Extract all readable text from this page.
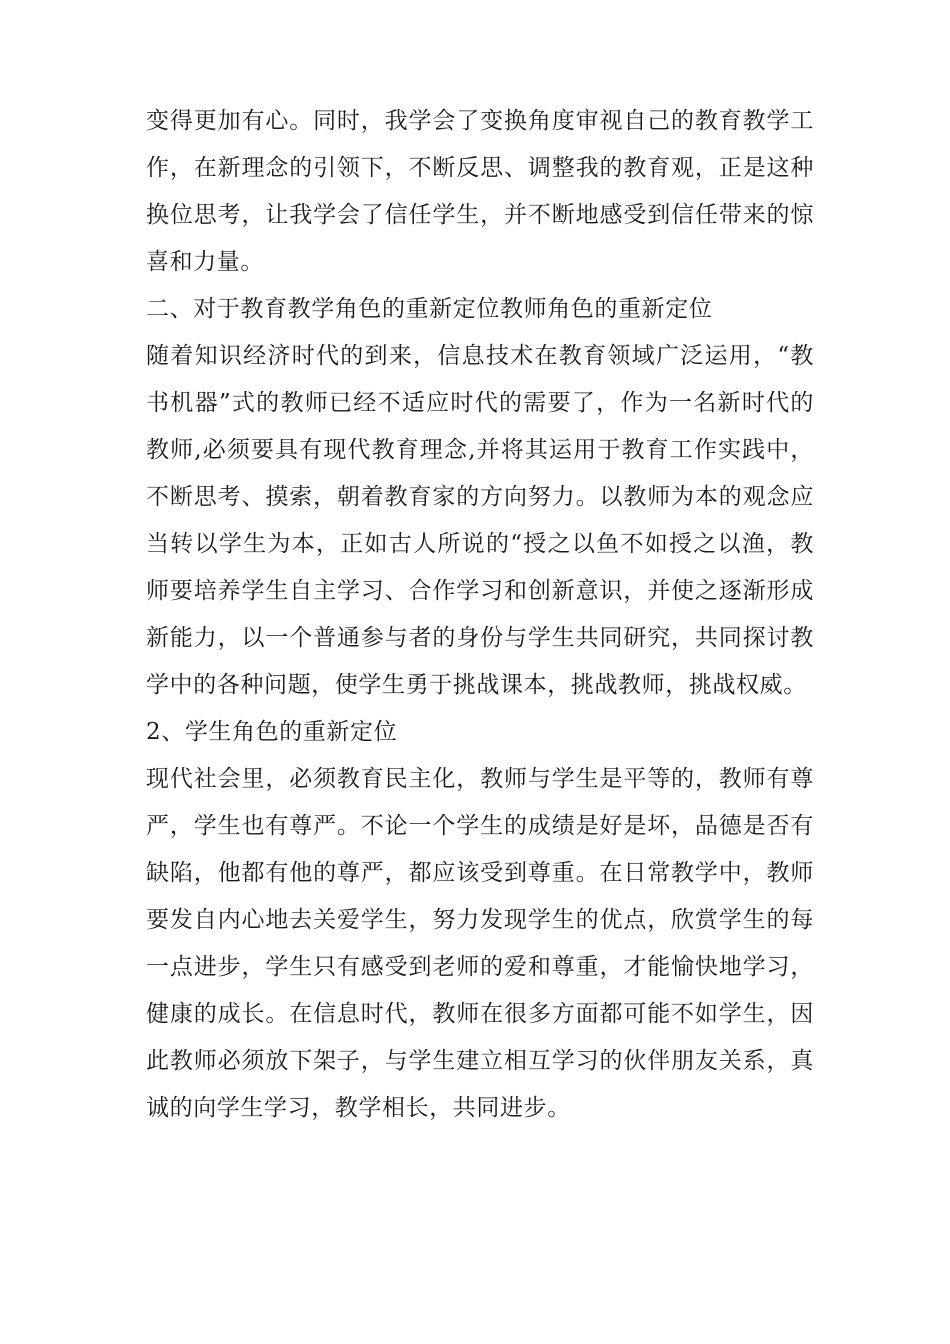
变得更加有心。同时，我学会了变换角度审视自己的教育教学工作，在新理念的引领下，不断反思、调整我的教育观，正是这种换位思考，让我学会了信任学生，并不断地感受到信任带来的惊喜和力量。

二、对于教育教学角色的重新定位教师角色的重新定位

随着知识经济时代的到来，信息技术在教育领域广泛运用，“教书机器”式的教师已经不适应时代的需要了，作为一名新时代的教师,必须要具有现代教育理念,并将其运用于教育工作实践中，不断思考、摸索，朝着教育家的方向努力。以教师为本的观念应当转以学生为本，正如古人所说的“授之以鱼不如授之以渔，教师要培养学生自主学习、合作学习和创新意识，并使之逐渐形成新能力，以一个普通参与者的身份与学生共同研究，共同探讨教学中的各种问题，使学生勇于挑战课本，挑战教师，挑战权威。

2、学生角色的重新定位

现代社会里，必须教育民主化，教师与学生是平等的，教师有尊严，学生也有尊严。不论一个学生的成绩是好是坏，品德是否有缺陷，他都有他的尊严，都应该受到尊重。在日常教学中，教师要发自内心地去关爱学生，努力发现学生的优点，欣赏学生的每一点进步，学生只有感受到老师的爱和尊重，才能愉快地学习，健康的成长。在信息时代，教师在很多方面都可能不如学生，因此教师必须放下架子，与学生建立相互学习的伙伴朋友关系，真诚的向学生学习，教学相长，共同进步。
